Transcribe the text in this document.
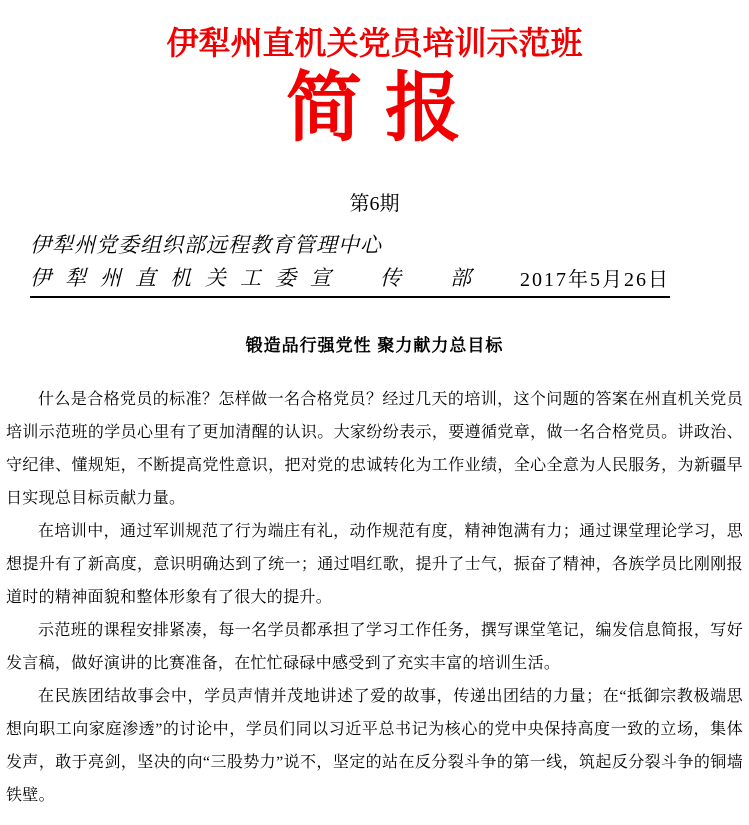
伊犁州直机关党员培训示范班
简 报
第6期
伊犁州党委组织部远程教育管理中心
伊犁州直机关工委宣　传　部 2017年5月26日
锻造品行强党性 聚力献力总目标

什么是合格党员的标准？怎样做一名合格党员？经过几天的培训，这个问题的答案在州直机关党员培训示范班的学员心里有了更加清醒的认识。大家纷纷表示，要遵循党章，做一名合格党员。讲政治、守纪律、懂规矩，不断提高党性意识，把对党的忠诚转化为工作业绩，全心全意为人民服务，为新疆早日实现总目标贡献力量。

在培训中，通过军训规范了行为端庄有礼，动作规范有度，精神饱满有力；通过课堂理论学习，思想提升有了新高度，意识明确达到了统一；通过唱红歌，提升了士气，振奋了精神，各族学员比刚刚报道时的精神面貌和整体形象有了很大的提升。

示范班的课程安排紧凑，每一名学员都承担了学习工作任务，撰写课堂笔记，编发信息简报，写好发言稿，做好演讲的比赛准备，在忙忙碌碌中感受到了充实丰富的培训生活。

在民族团结故事会中，学员声情并茂地讲述了爱的故事，传递出团结的力量；在“抵御宗教极端思想向职工向家庭渗透”的讨论中，学员们同以习近平总书记为核心的党中央保持高度一致的立场，集体发声，敢于亮剑，坚决的向“三股势力”说不，坚定的站在反分裂斗争的第一线，筑起反分裂斗争的铜墙铁壁。
